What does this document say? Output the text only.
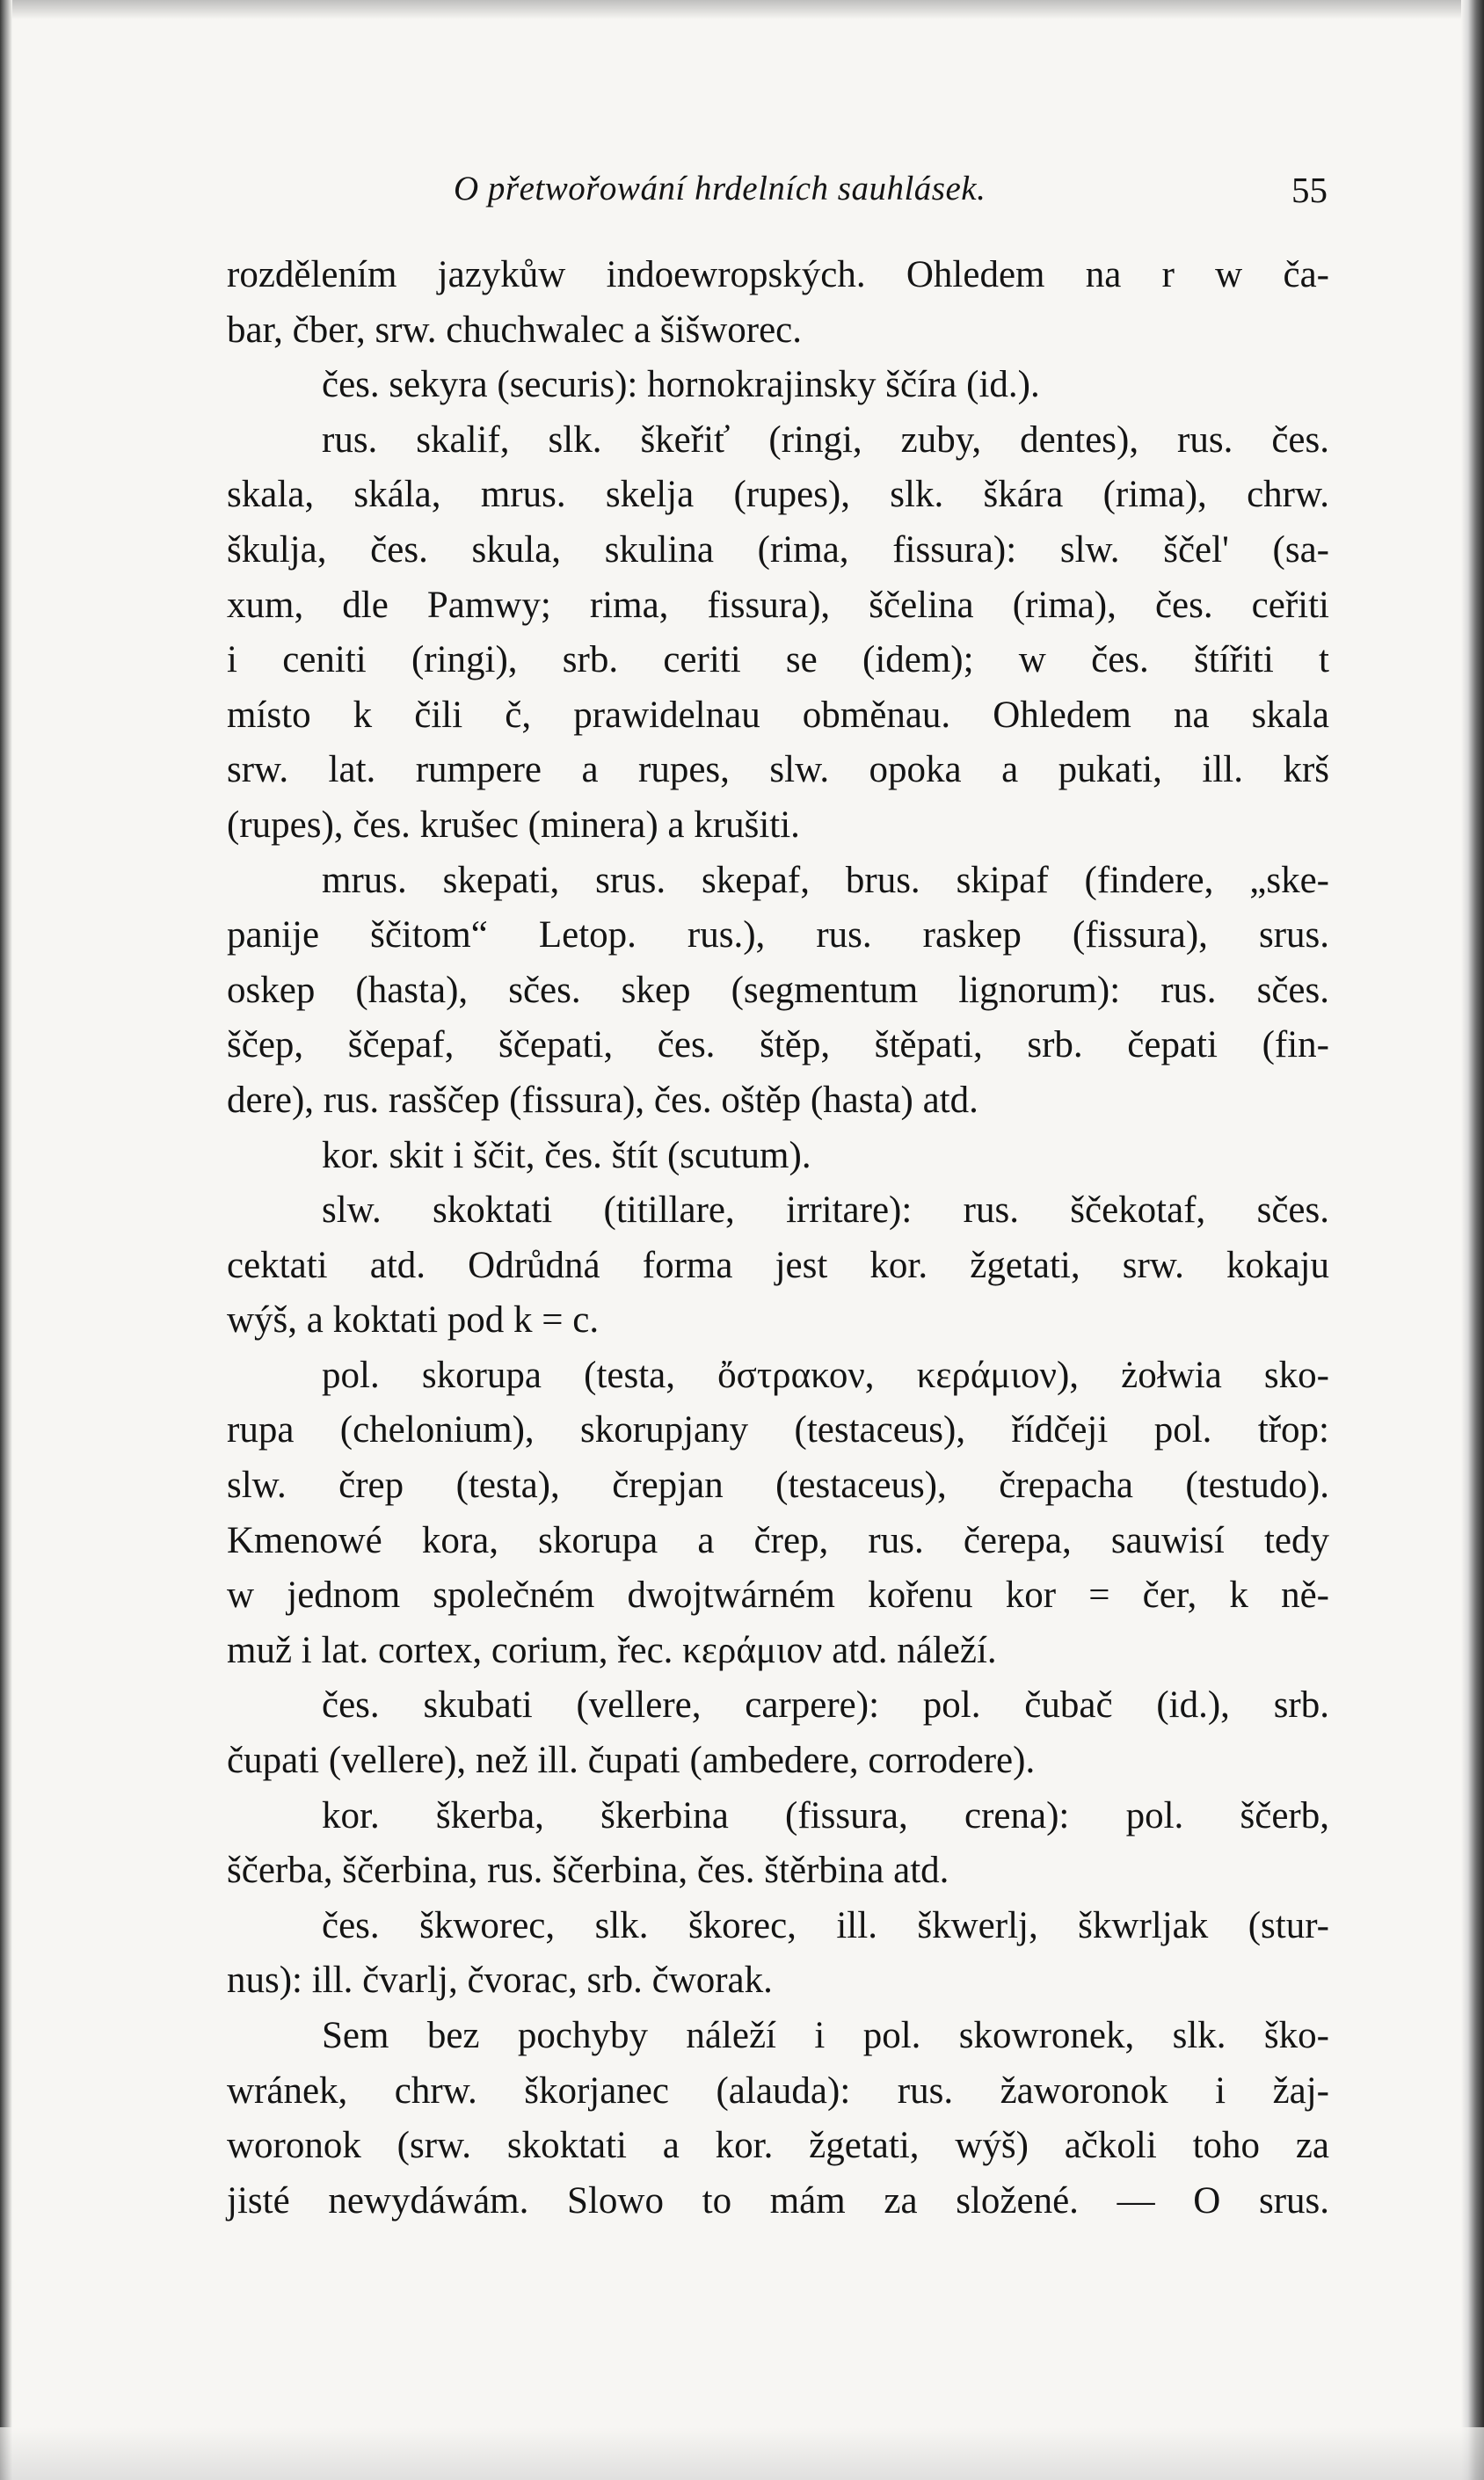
O přetwořowání hrdelních sauhlásek.	55
rozdělením jazykůw indoewropských. Ohledem na r w ča-
bar, čber, srw. chuchwalec a šišworec.
čes. sekyra (securis): hornokrajinsky ščíra (id.).
rus. skalif, slk. škeřiť (ringi, zuby, dentes), rus. čes.
skala, skála, mrus. skelja (rupes), slk. škára (rima), chrw.
škulja, čes. skula, skulina (rima, fissura): slw. ščel' (sa-
xum, dle Pamwy; rima, fissura), ščelina (rima), čes. ceřiti
i ceniti (ringi), srb. ceriti se (idem); w čes. štířiti t
místo k čili č, prawidelnau obměnau. Ohledem na skala
srw. lat. rumpere a rupes, slw. opoka a pukati, ill. krš
(rupes), čes. krušec (minera) a krušiti.
mrus. skepati, srus. skepaf, brus. skipaf (findere, „ske-
panije ščitom“ Letop. rus.), rus. raskep (fissura), srus.
oskep (hasta), sčes. skep (segmentum lignorum): rus. sčes.
ščep, ščepaf, ščepati, čes. štěp, štěpati, srb. čepati (fin-
dere), rus. rasščep (fissura), čes. oštěp (hasta) atd.
kor. skit i ščit, čes. štít (scutum).
slw. skoktati (titillare, irritare): rus. ščekotaf, sčes.
cektati atd. Odrůdná forma jest kor. žgetati, srw. kokaju
wýš, a koktati pod k = c.
pol. skorupa (testa, ὄστρακον, κεράμιον), żołwia sko-
rupa (chelonium), skorupjany (testaceus), řídčeji pol. třop:
slw. črep (testa), črepjan (testaceus), črepacha (testudo).
Kmenowé kora, skorupa a črep, rus. čerepa, sauwisí tedy
w jednom společném dwojtwárném kořenu kor = čer, k ně-
muž i lat. cortex, corium, řec. κεράμιον atd. náleží.
čes. skubati (vellere, carpere): pol. čubač (id.), srb.
čupati (vellere), než ill. čupati (ambedere, corrodere).
kor. škerba, škerbina (fissura, crena): pol. ščerb,
ščerba, ščerbina, rus. ščerbina, čes. štěrbina atd.
čes. škworec, slk. škorec, ill. škwerlj, škwrljak (stur-
nus): ill. čvarlj, čvorac, srb. čworak.
Sem bez pochyby náleží i pol. skowronek, slk. ško-
wránek, chrw. škorjanec (alauda): rus. žaworonok i žaj-
woronok (srw. skoktati a kor. žgetati, wýš) ačkoli toho za
jisté newydáwám. Slowo to mám za složené. — O srus.
